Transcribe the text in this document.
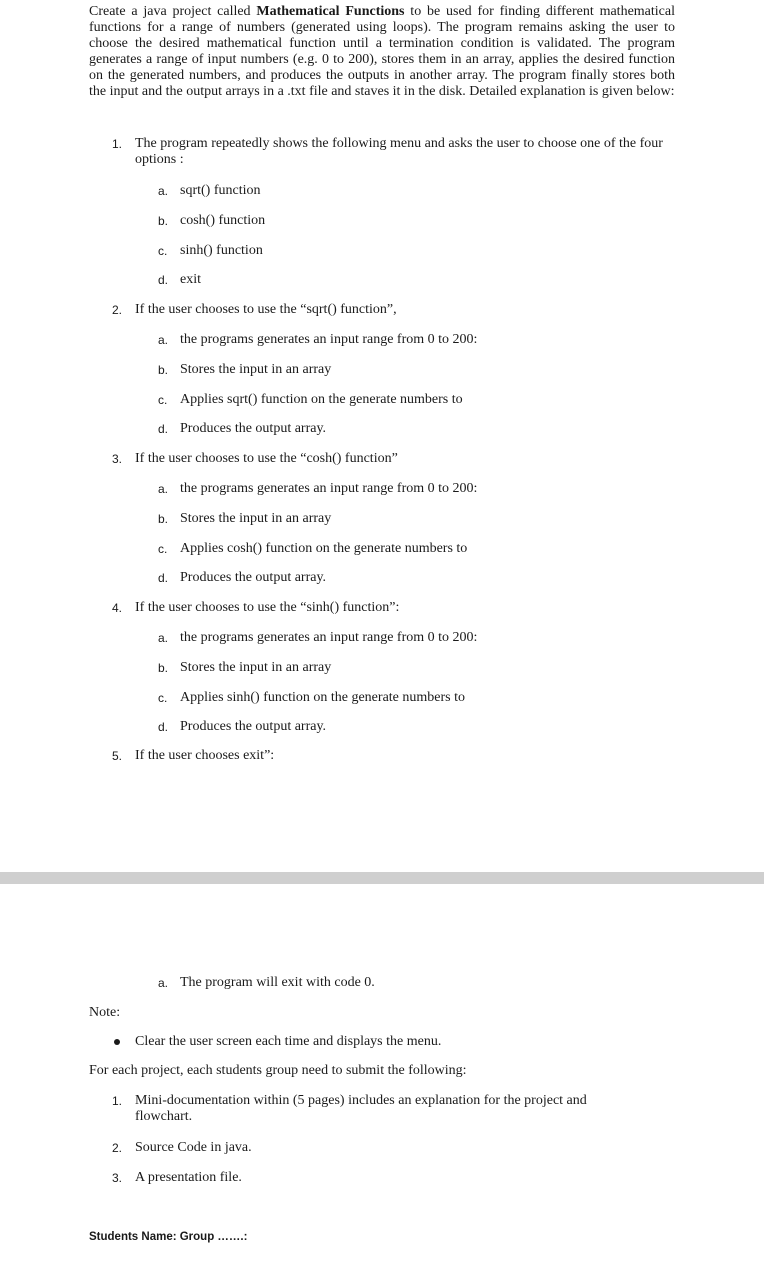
Create a java project called Mathematical Functions to be used for finding different mathematical functions for a range of numbers (generated using loops). The program remains asking the user to choose the desired mathematical function until a termination condition is validated. The program generates a range of input numbers (e.g. 0 to 200), stores them in an array, applies the desired function on the generated numbers, and produces the outputs in another array. The program finally stores both the input and the output arrays in a .txt file and staves it in the disk. Detailed explanation is given below:
1. The program repeatedly shows the following menu and asks the user to choose one of the four options :
a. sqrt() function
b. cosh() function
c. sinh() function
d. exit
2. If the user chooses to use the “sqrt() function”,
a. the programs generates an input range from 0 to 200:
b. Stores the input in an array
c. Applies sqrt() function on the generate numbers to
d. Produces the output array.
3. If the user chooses to use the “cosh() function”
a. the programs generates an input range from 0 to 200:
b. Stores the input in an array
c. Applies cosh() function on the generate numbers to
d. Produces the output array.
4. If the user chooses to use the “sinh() function”:
a. the programs generates an input range from 0 to 200:
b. Stores the input in an array
c. Applies sinh() function on the generate numbers to
d. Produces the output array.
5. If the user chooses exit”:
a. The program will exit with code 0.
Note:
Clear the user screen each time and displays the menu.
For each project, each students group need to submit the following:
1. Mini-documentation within (5 pages) includes an explanation for the project and flowchart.
2. Source Code in java.
3. A presentation file.
Students Name: Group …….:
